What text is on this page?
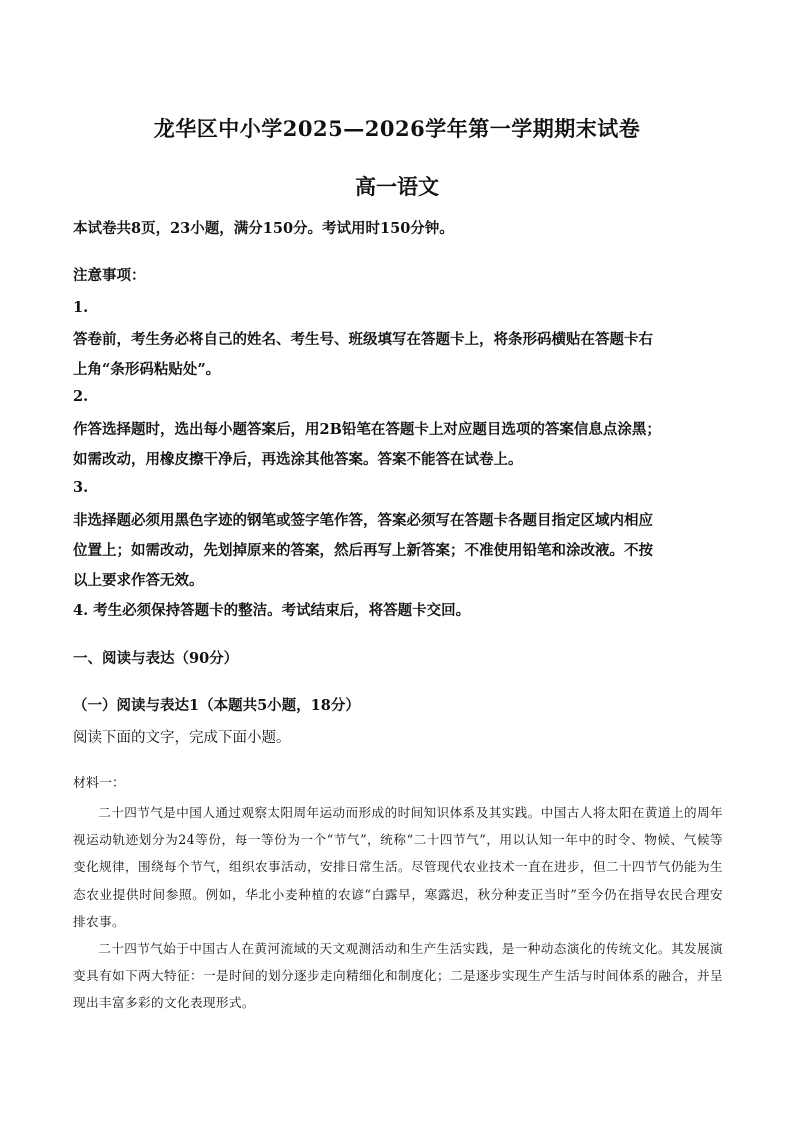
龙华区中小学2025—2026学年第一学期期末试卷
高一语文
本试卷共8页，23小题，满分150分。考试用时150分钟。
注意事项：
1.
答卷前，考生务必将自己的姓名、考生号、班级填写在答题卡上，将条形码横贴在答题卡右
上角“条形码粘贴处”。
2.
作答选择题时，选出每小题答案后，用2B铅笔在答题卡上对应题目选项的答案信息点涂黑；
如需改动，用橡皮擦干净后，再选涂其他答案。答案不能答在试卷上。
3.
非选择题必须用黑色字迹的钢笔或签字笔作答，答案必须写在答题卡各题目指定区域内相应
位置上；如需改动，先划掉原来的答案，然后再写上新答案；不准使用铅笔和涂改液。不按
以上要求作答无效。
4. 考生必须保持答题卡的整洁。考试结束后，将答题卡交回。
一、阅读与表达（90分）
（一）阅读与表达1（本题共5小题，18分）
阅读下面的文字，完成下面小题。
材料一：

二十四节气是中国人通过观察太阳周年运动而形成的时间知识体系及其实践。中国古人将太阳在黄道上的周年视运动轨迹划分为24等份，每一等份为一个“节气”，统称“二十四节气”，用以认知一年中的时令、物候、气候等变化规律，围绕每个节气，组织农事活动，安排日常生活。尽管现代农业技术一直在进步，但二十四节气仍能为生态农业提供时间参照。例如，华北小麦种植的农谚“白露早，寒露迟，秋分种麦正当时”至今仍在指导农民合理安排农事。

二十四节气始于中国古人在黄河流域的天文观测活动和生产生活实践，是一种动态演化的传统文化。其发展演变具有如下两大特征：一是时间的划分逐步走向精细化和制度化；二是逐步实现生产生活与时间体系的融合，并呈现出丰富多彩的文化表现形式。
